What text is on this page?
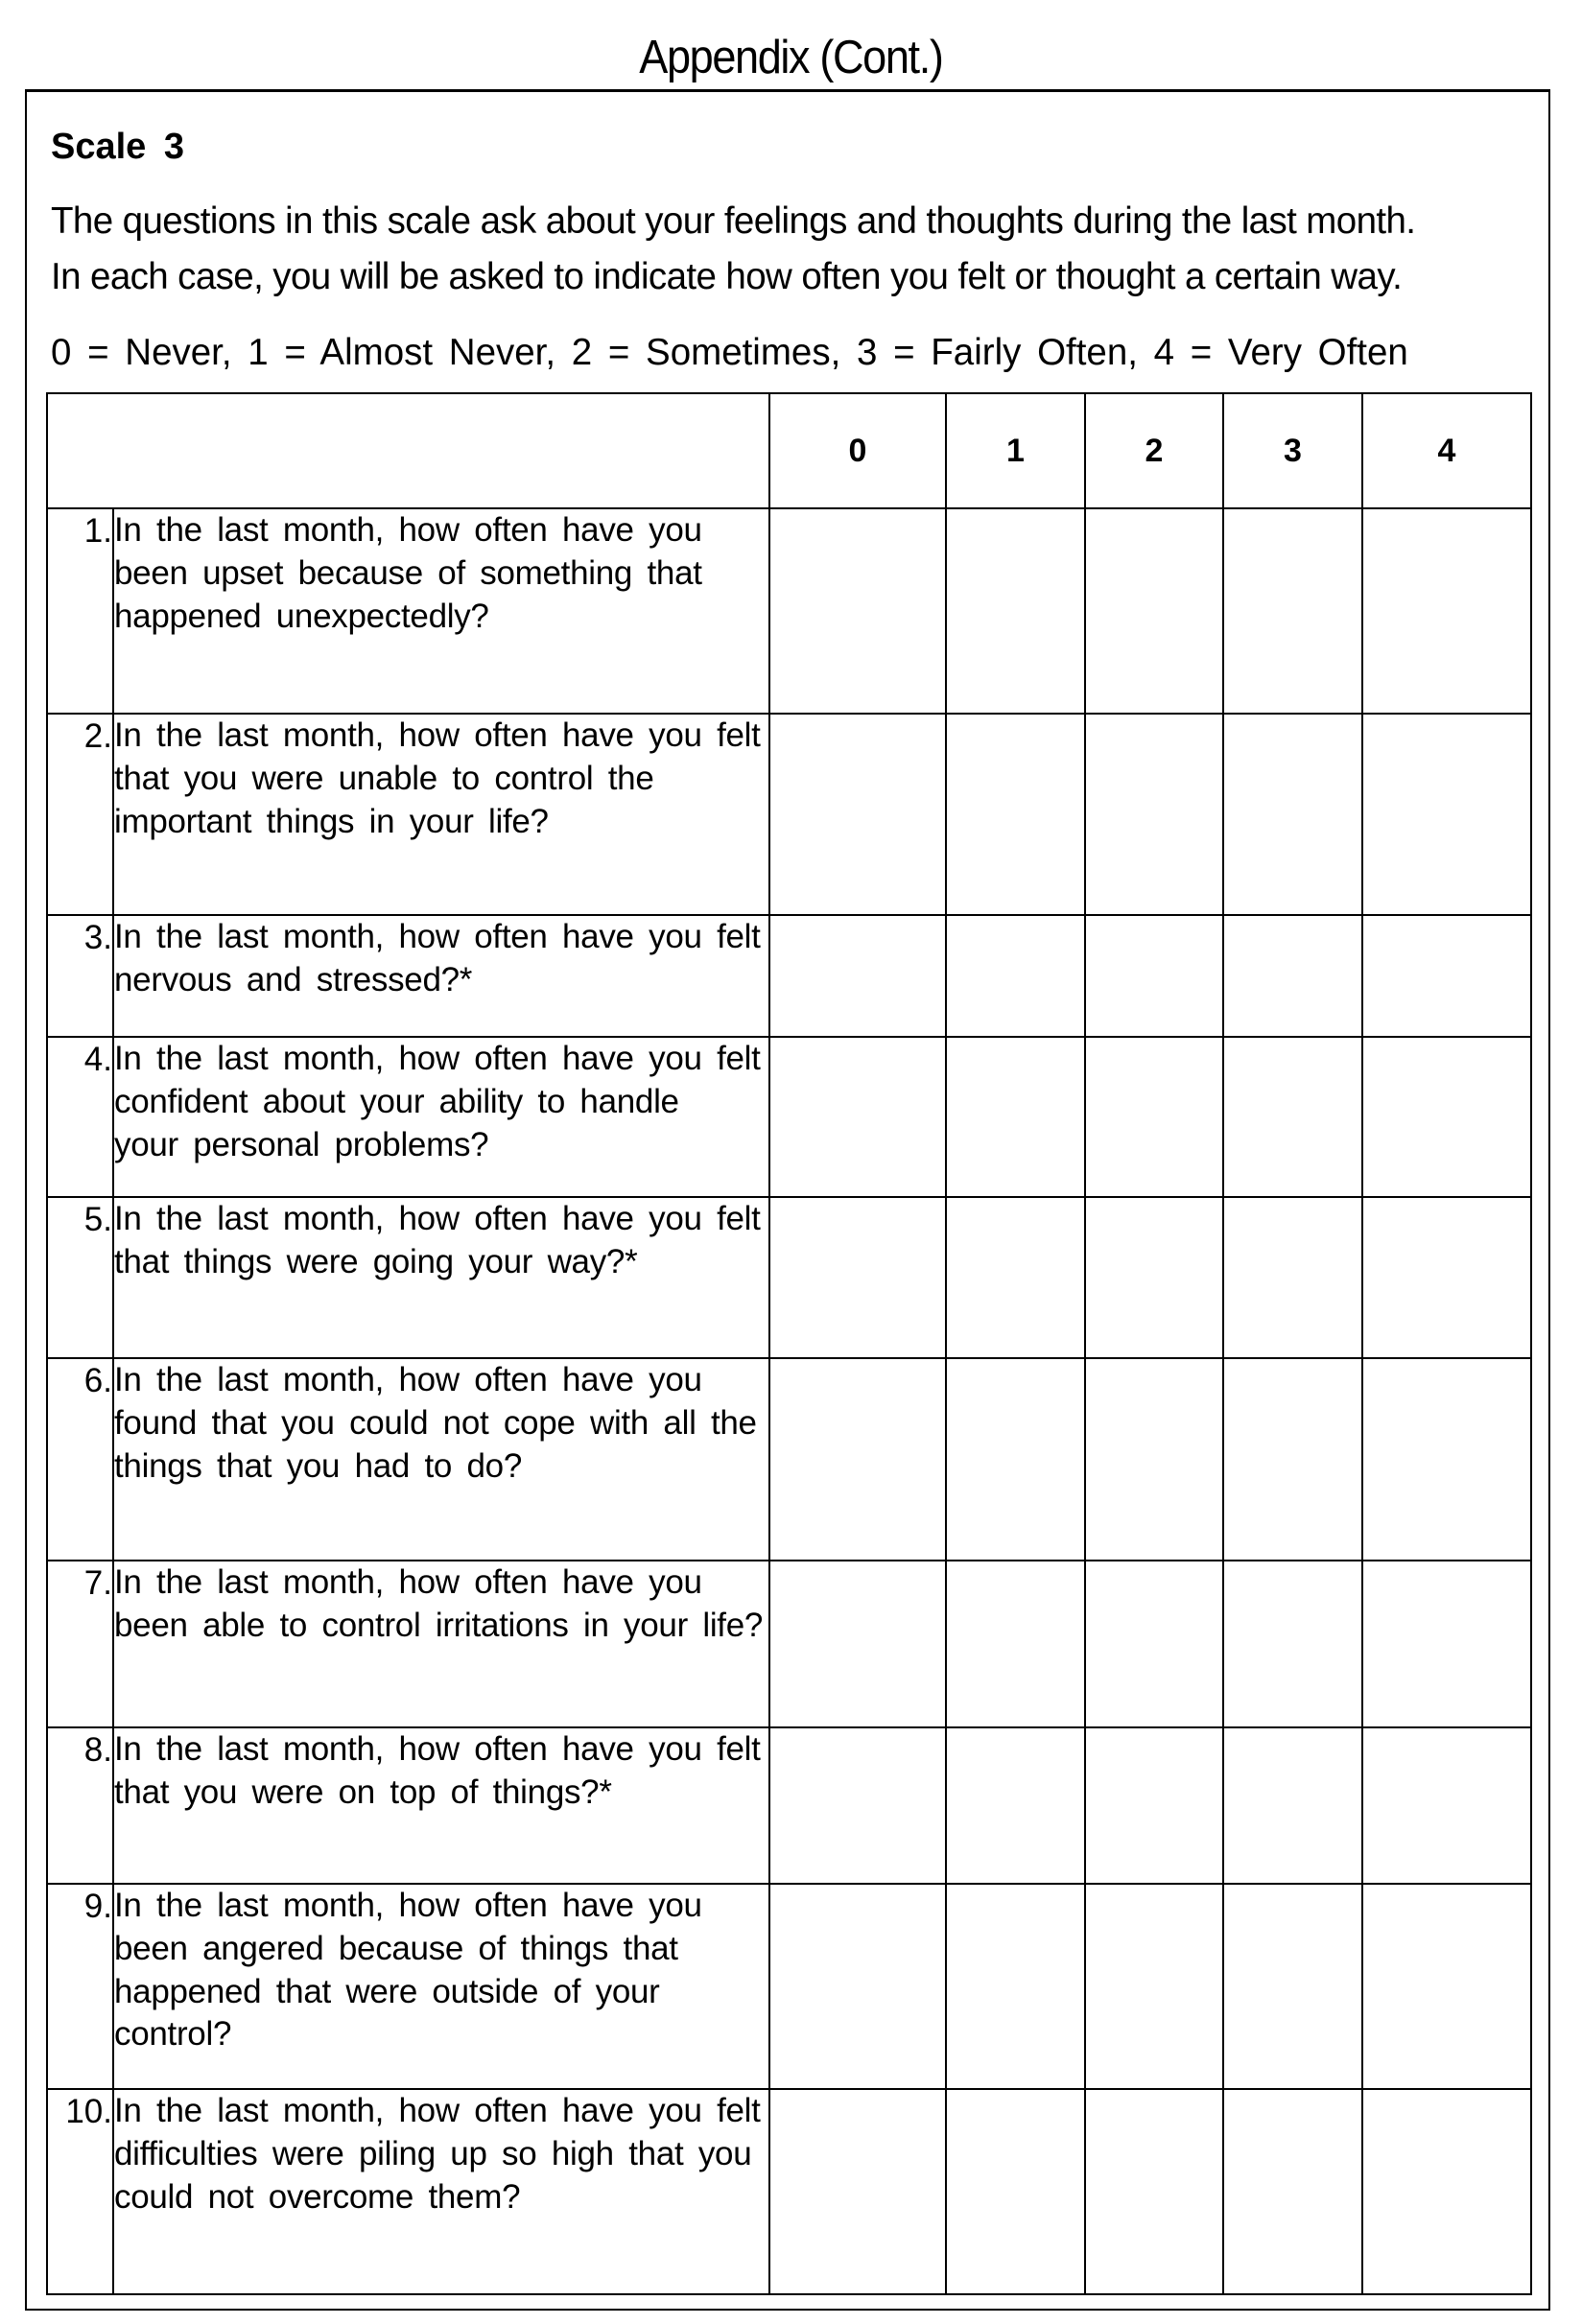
Appendix (Cont.)
Scale 3
The questions in this scale ask about your feelings and thoughts during the last month.
In each case, you will be asked to indicate how often you felt or thought a certain way.
0 = Never, 1 = Almost Never, 2 = Sometimes, 3 = Fairly Often, 4 = Very Often
		0	1	2	3	4
1.	In the last month, how often have you been upset because of something that  happened unexpectedly?					
2.	In the last month, how often have you felt that you were unable to control the important things in your life?					
3.	In the last month, how often have you felt nervous and stressed?*					
4.	In the last month, how often have you felt confident about your ability to handle    your personal problems?					
5.	In the last month, how often have you felt that things were going your way?*					
6.	In the last month, how often have you found that you could not cope with all the things that you had to do?					
7.	In the last month, how often have you been able to control irritations in your life?					
8.	In the last month, how often have you felt that you were on top of things?*					
9.	In the last month, how often have you been angered because of things that happened that were outside of your control?					
10.	In the last month, how often have you felt difficulties were piling up so high that you could not overcome them?					
